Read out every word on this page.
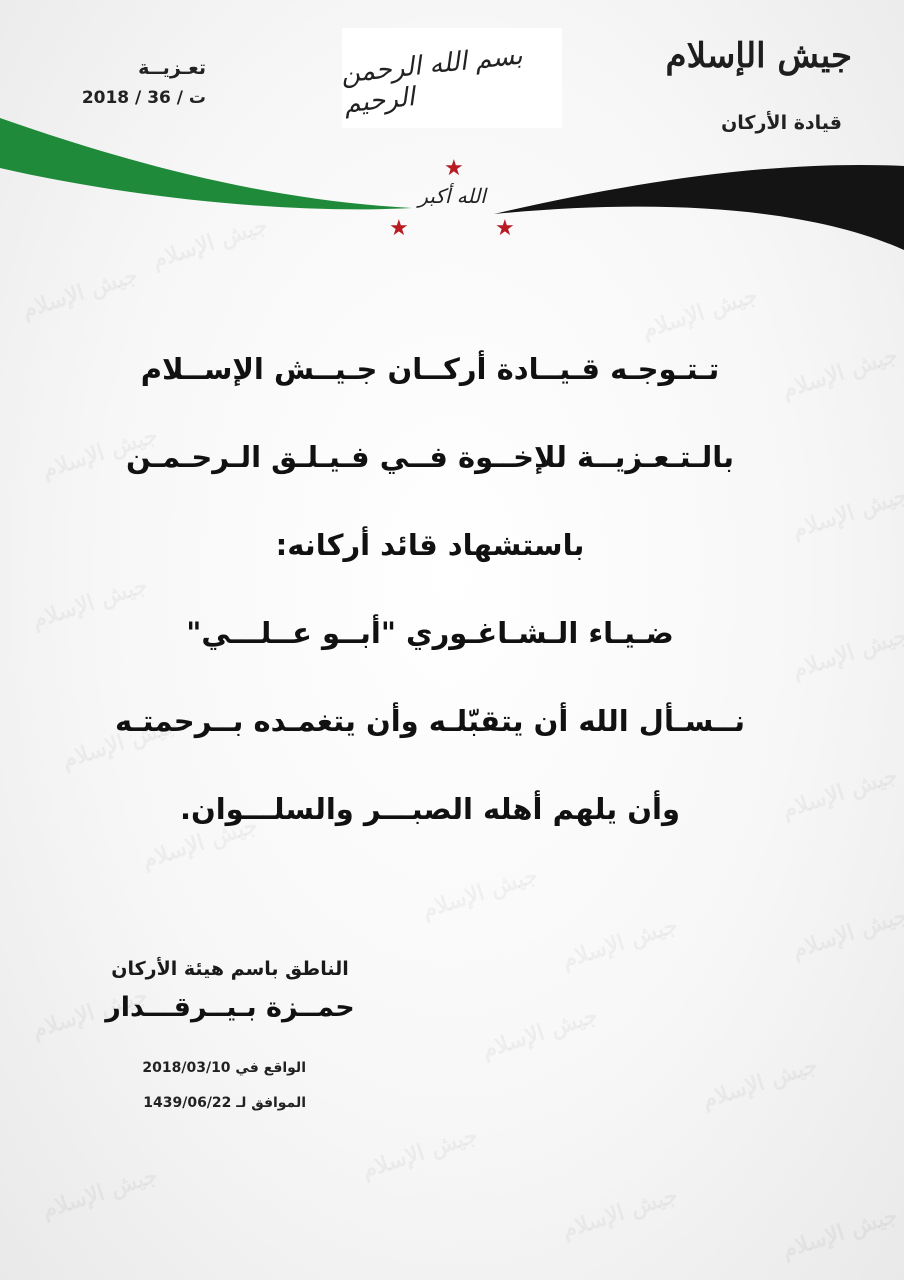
بسم الله الرحمن الرحيم
الله أكبر
★
★	★
جيش الإسلام
قيادة الأركان
تعـزيــة
ت / 36 / 2018
تـتـوجـه قـيــادة أركــان جـيــش الإســلام
بالـتـعـزيــة للإخــوة فــي فـيـلـق الـرحـمـن
باستشهاد قائد أركانه:
ضـيـاء الـشـاغـوري "أبــو عــلـــي"
نــسـأل الله أن يتقبّلـه وأن يتغمـده بــرحمتـه
وأن يلهم أهله الصبـــر والسلـــوان.
الناطق باسم هيئة الأركان
حمــزة بـيــرقـــدار
الواقع في 2018/03/10
الموافق لـ 1439/06/22
